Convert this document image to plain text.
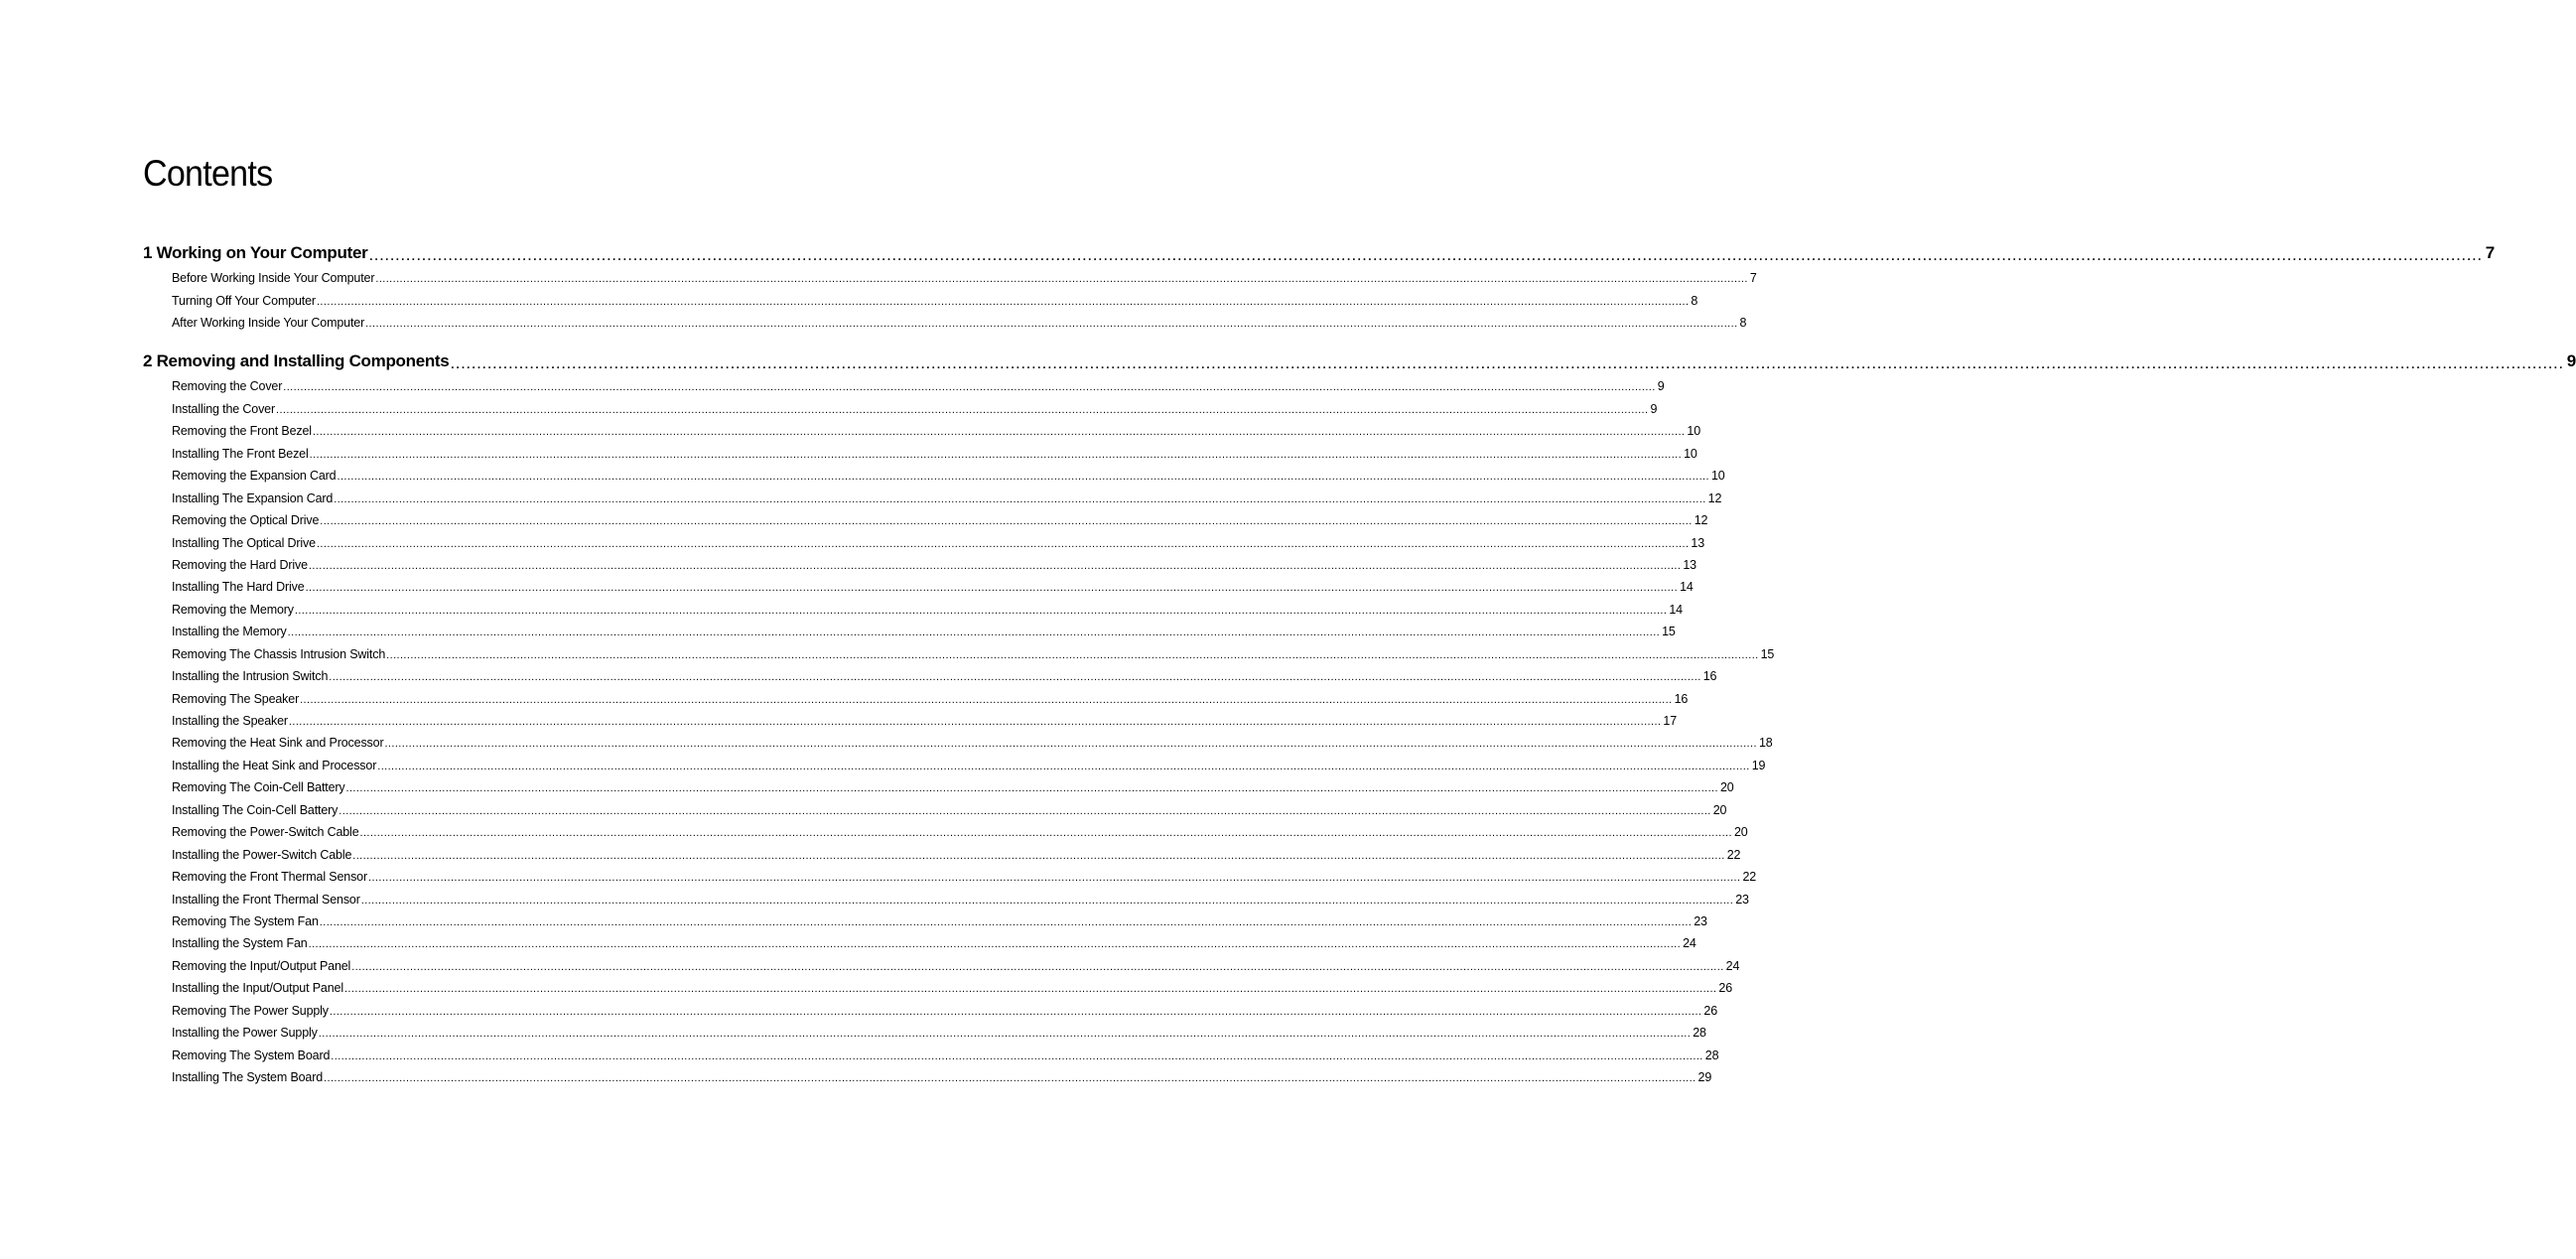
Contents
1 Working on Your Computer ................................................................................................................................................................................................................................................................................................................................................................................................................ 7
Before Working Inside Your Computer ................................................................................................................................................................................................................................................................................................................................................................................................................ 7
Turning Off Your Computer ................................................................................................................................................................................................................................................................................................................................................................................................................ 8
After Working Inside Your Computer ................................................................................................................................................................................................................................................................................................................................................................................................................ 8
2 Removing and Installing Components ................................................................................................................................................................................................................................................................................................................................................................................................................ 9
Removing the Cover ................................................................................................................................................................................................................................................................................................................................................................................................................ 9
Installing the Cover ................................................................................................................................................................................................................................................................................................................................................................................................................ 9
Removing the Front Bezel ................................................................................................................................................................................................................................................................................................................................................................................................................ 10
Installing The Front Bezel ................................................................................................................................................................................................................................................................................................................................................................................................................ 10
Removing the Expansion Card ................................................................................................................................................................................................................................................................................................................................................................................................................ 10
Installing The Expansion Card ................................................................................................................................................................................................................................................................................................................................................................................................................ 12
Removing the Optical Drive ................................................................................................................................................................................................................................................................................................................................................................................................................ 12
Installing The Optical Drive ................................................................................................................................................................................................................................................................................................................................................................................................................ 13
Removing the Hard Drive ................................................................................................................................................................................................................................................................................................................................................................................................................ 13
Installing The Hard Drive ................................................................................................................................................................................................................................................................................................................................................................................................................ 14
Removing the Memory ................................................................................................................................................................................................................................................................................................................................................................................................................ 14
Installing the Memory ................................................................................................................................................................................................................................................................................................................................................................................................................ 15
Removing The Chassis Intrusion Switch ................................................................................................................................................................................................................................................................................................................................................................................................................ 15
Installing the Intrusion Switch ................................................................................................................................................................................................................................................................................................................................................................................................................ 16
Removing The Speaker ................................................................................................................................................................................................................................................................................................................................................................................................................ 16
Installing the Speaker ................................................................................................................................................................................................................................................................................................................................................................................................................ 17
Removing the Heat Sink and Processor ................................................................................................................................................................................................................................................................................................................................................................................................................ 18
Installing the Heat Sink and Processor ................................................................................................................................................................................................................................................................................................................................................................................................................ 19
Removing The Coin-Cell Battery ................................................................................................................................................................................................................................................................................................................................................................................................................ 20
Installing The Coin-Cell Battery ................................................................................................................................................................................................................................................................................................................................................................................................................ 20
Removing the Power-Switch Cable ................................................................................................................................................................................................................................................................................................................................................................................................................ 20
Installing the Power-Switch Cable ................................................................................................................................................................................................................................................................................................................................................................................................................ 22
Removing the Front Thermal Sensor ................................................................................................................................................................................................................................................................................................................................................................................................................ 22
Installing the Front Thermal Sensor ................................................................................................................................................................................................................................................................................................................................................................................................................ 23
Removing The System Fan ................................................................................................................................................................................................................................................................................................................................................................................................................ 23
Installing the System Fan ................................................................................................................................................................................................................................................................................................................................................................................................................ 24
Removing the Input/Output Panel ................................................................................................................................................................................................................................................................................................................................................................................................................ 24
Installing the Input/Output Panel ................................................................................................................................................................................................................................................................................................................................................................................................................ 26
Removing The Power Supply ................................................................................................................................................................................................................................................................................................................................................................................................................ 26
Installing the Power Supply ................................................................................................................................................................................................................................................................................................................................................................................................................ 28
Removing The System Board ................................................................................................................................................................................................................................................................................................................................................................................................................ 28
Installing The System Board ................................................................................................................................................................................................................................................................................................................................................................................................................ 29
